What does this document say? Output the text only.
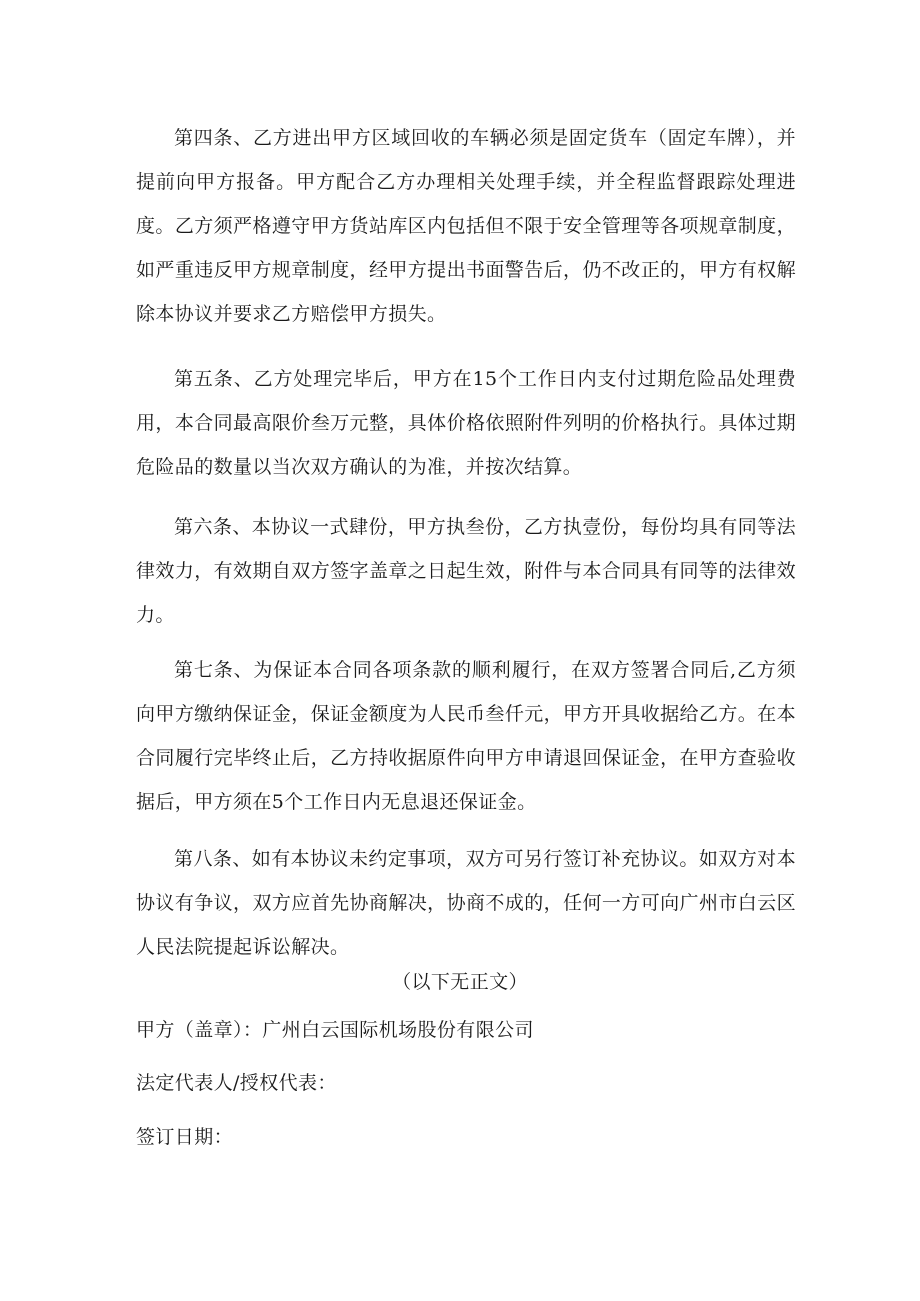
第四条、乙方进出甲方区域回收的车辆必须是固定货车（固定车牌），并提前向甲方报备。甲方配合乙方办理相关处理手续，并全程监督跟踪处理进度。乙方须严格遵守甲方货站库区内包括但不限于安全管理等各项规章制度，如严重违反甲方规章制度，经甲方提出书面警告后，仍不改正的，甲方有权解除本协议并要求乙方赔偿甲方损失。

第五条、乙方处理完毕后，甲方在15个工作日内支付过期危险品处理费用，本合同最高限价叁万元整，具体价格依照附件列明的价格执行。具体过期危险品的数量以当次双方确认的为准，并按次结算。

第六条、本协议一式肆份，甲方执叁份，乙方执壹份，每份均具有同等法律效力，有效期自双方签字盖章之日起生效，附件与本合同具有同等的法律效力。

第七条、为保证本合同各项条款的顺利履行，在双方签署合同后,乙方须向甲方缴纳保证金，保证金额度为人民币叁仟元，甲方开具收据给乙方。在本合同履行完毕终止后，乙方持收据原件向甲方申请退回保证金，在甲方查验收据后，甲方须在5个工作日内无息退还保证金。

第八条、如有本协议未约定事项，双方可另行签订补充协议。如双方对本协议有争议，双方应首先协商解决，协商不成的，任何一方可向广州市白云区人民法院提起诉讼解决。

（以下无正文）

甲方（盖章）：广州白云国际机场股份有限公司

法定代表人/授权代表：

签订日期：
